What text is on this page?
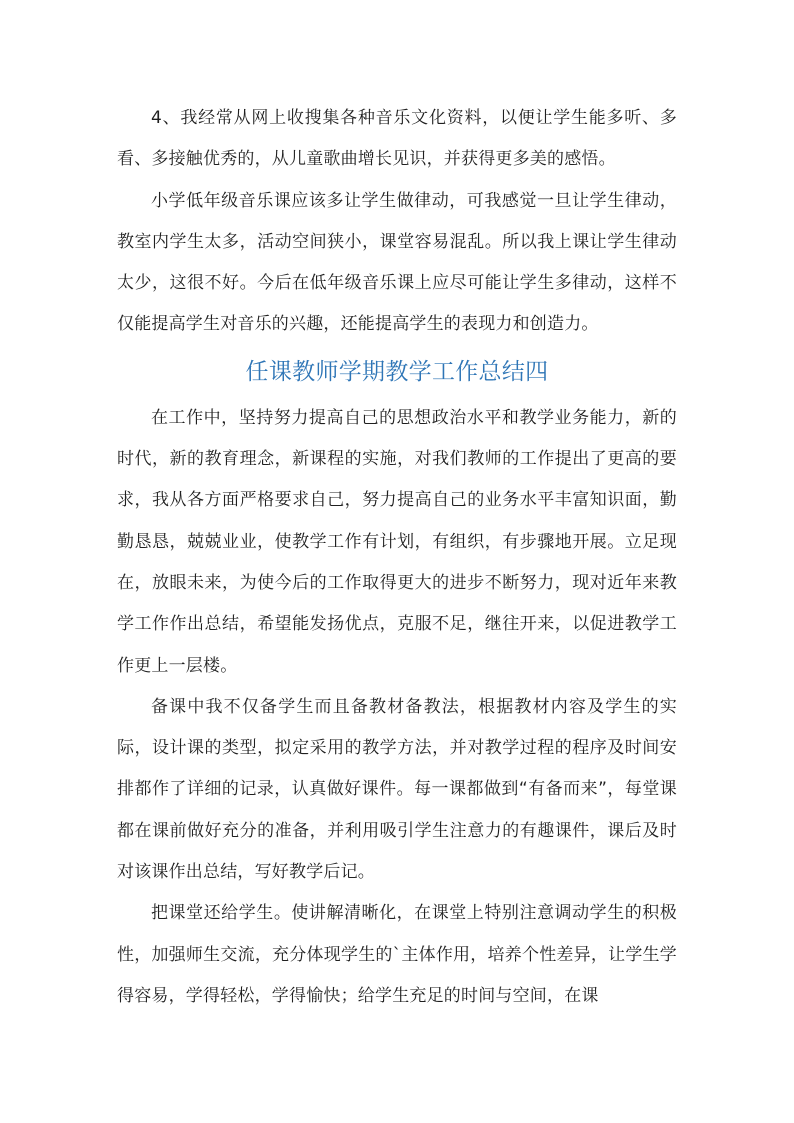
4、我经常从网上收搜集各种音乐文化资料，以便让学生能多听、多看、多接触优秀的，从儿童歌曲增长见识，并获得更多美的感悟。

小学低年级音乐课应该多让学生做律动，可我感觉一旦让学生律动，教室内学生太多，活动空间狭小，课堂容易混乱。所以我上课让学生律动太少，这很不好。今后在低年级音乐课上应尽可能让学生多律动，这样不仅能提高学生对音乐的兴趣，还能提高学生的表现力和创造力。

任课教师学期教学工作总结四

在工作中，坚持努力提高自己的思想政治水平和教学业务能力，新的时代，新的教育理念，新课程的实施，对我们教师的工作提出了更高的要求，我从各方面严格要求自己，努力提高自己的业务水平丰富知识面，勤勤恳恳，兢兢业业，使教学工作有计划，有组织，有步骤地开展。立足现在，放眼未来，为使今后的工作取得更大的进步不断努力，现对近年来教学工作作出总结，希望能发扬优点，克服不足，继往开来，以促进教学工作更上一层楼。

备课中我不仅备学生而且备教材备教法，根据教材内容及学生的实际，设计课的类型，拟定采用的教学方法，并对教学过程的程序及时间安排都作了详细的记录，认真做好课件。每一课都做到“有备而来”，每堂课都在课前做好充分的准备，并利用吸引学生注意力的有趣课件，课后及时对该课作出总结，写好教学后记。

把课堂还给学生。使讲解清晰化，在课堂上特别注意调动学生的积极性，加强师生交流，充分体现学生的`主体作用，培养个性差异，让学生学得容易，学得轻松，学得愉快；给学生充足的时间与空间，在课
